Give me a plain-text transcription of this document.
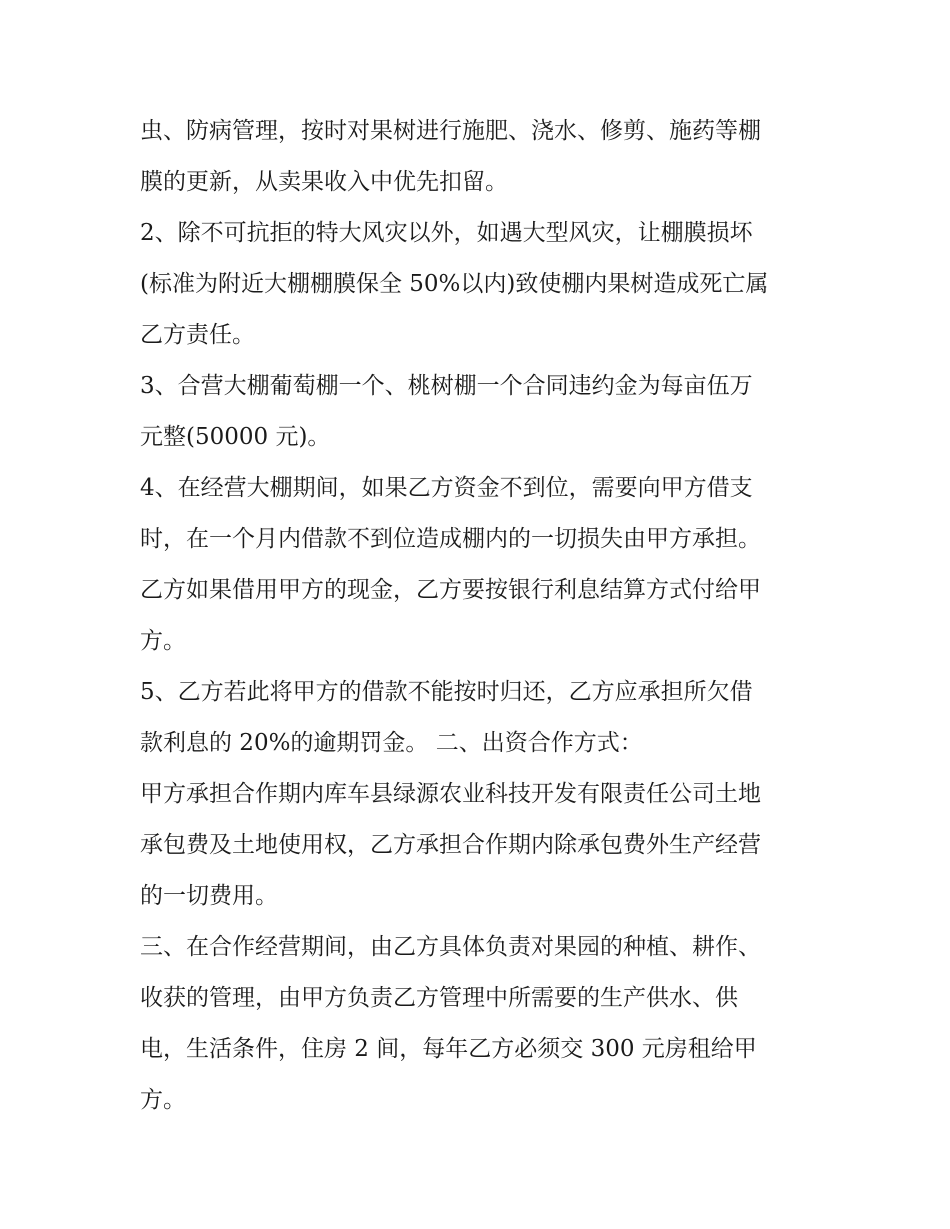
虫、防病管理，按时对果树进行施肥、浇水、修剪、施药等棚
膜的更新，从卖果收入中优先扣留。
2、除不可抗拒的特大风灾以外，如遇大型风灾，让棚膜损坏
(标准为附近大棚棚膜保全 50%以内)致使棚内果树造成死亡属
乙方责任。
3、合营大棚葡萄棚一个、桃树棚一个合同违约金为每亩伍万
元整(50000 元)。
4、在经营大棚期间，如果乙方资金不到位，需要向甲方借支
时，在一个月内借款不到位造成棚内的一切损失由甲方承担。
乙方如果借用甲方的现金，乙方要按银行利息结算方式付给甲
方。
5、乙方若此将甲方的借款不能按时归还，乙方应承担所欠借
款利息的 20%的逾期罚金。 二、出资合作方式：
甲方承担合作期内库车县绿源农业科技开发有限责任公司土地
承包费及土地使用权，乙方承担合作期内除承包费外生产经营
的一切费用。
三、在合作经营期间，由乙方具体负责对果园的种植、耕作、
收获的管理，由甲方负责乙方管理中所需要的生产供水、供
电，生活条件，住房 2 间，每年乙方必须交 300 元房租给甲
方。
